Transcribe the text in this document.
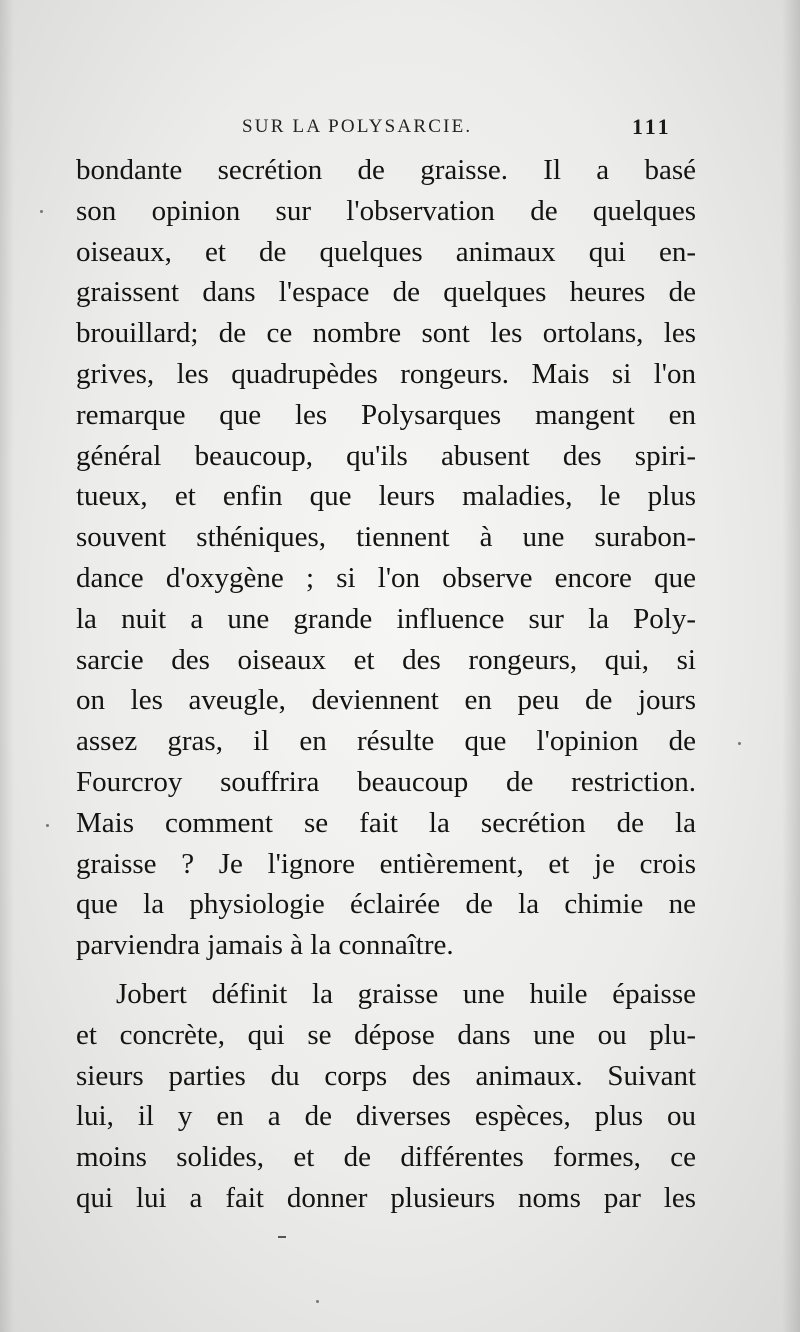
SUR LA POLYSARCIE.	111
bondante secrétion de graisse. Il a basé
son opinion sur l'observation de quelques
oiseaux, et de quelques animaux qui en-
graissent dans l'espace de quelques heures de
brouillard; de ce nombre sont les ortolans, les
grives, les quadrupèdes rongeurs. Mais si l'on
remarque que les Polysarques mangent en
général beaucoup, qu'ils abusent des spiri-
tueux, et enfin que leurs maladies, le plus
souvent sthéniques, tiennent à une surabon-
dance d'oxygène ; si l'on observe encore que
la nuit a une grande influence sur la Poly-
sarcie des oiseaux et des rongeurs, qui, si
on les aveugle, deviennent en peu de jours
assez gras, il en résulte que l'opinion de
Fourcroy souffrira beaucoup de restriction.
Mais comment se fait la secrétion de la
graisse ? Je l'ignore entièrement, et je crois
que la physiologie éclairée de la chimie ne
parviendra jamais à la connaître.
Jobert définit la graisse une huile épaisse
et concrète, qui se dépose dans une ou plu-
sieurs parties du corps des animaux. Suivant
lui, il y en a de diverses espèces, plus ou
moins solides, et de différentes formes, ce
qui lui a fait donner plusieurs noms par les
